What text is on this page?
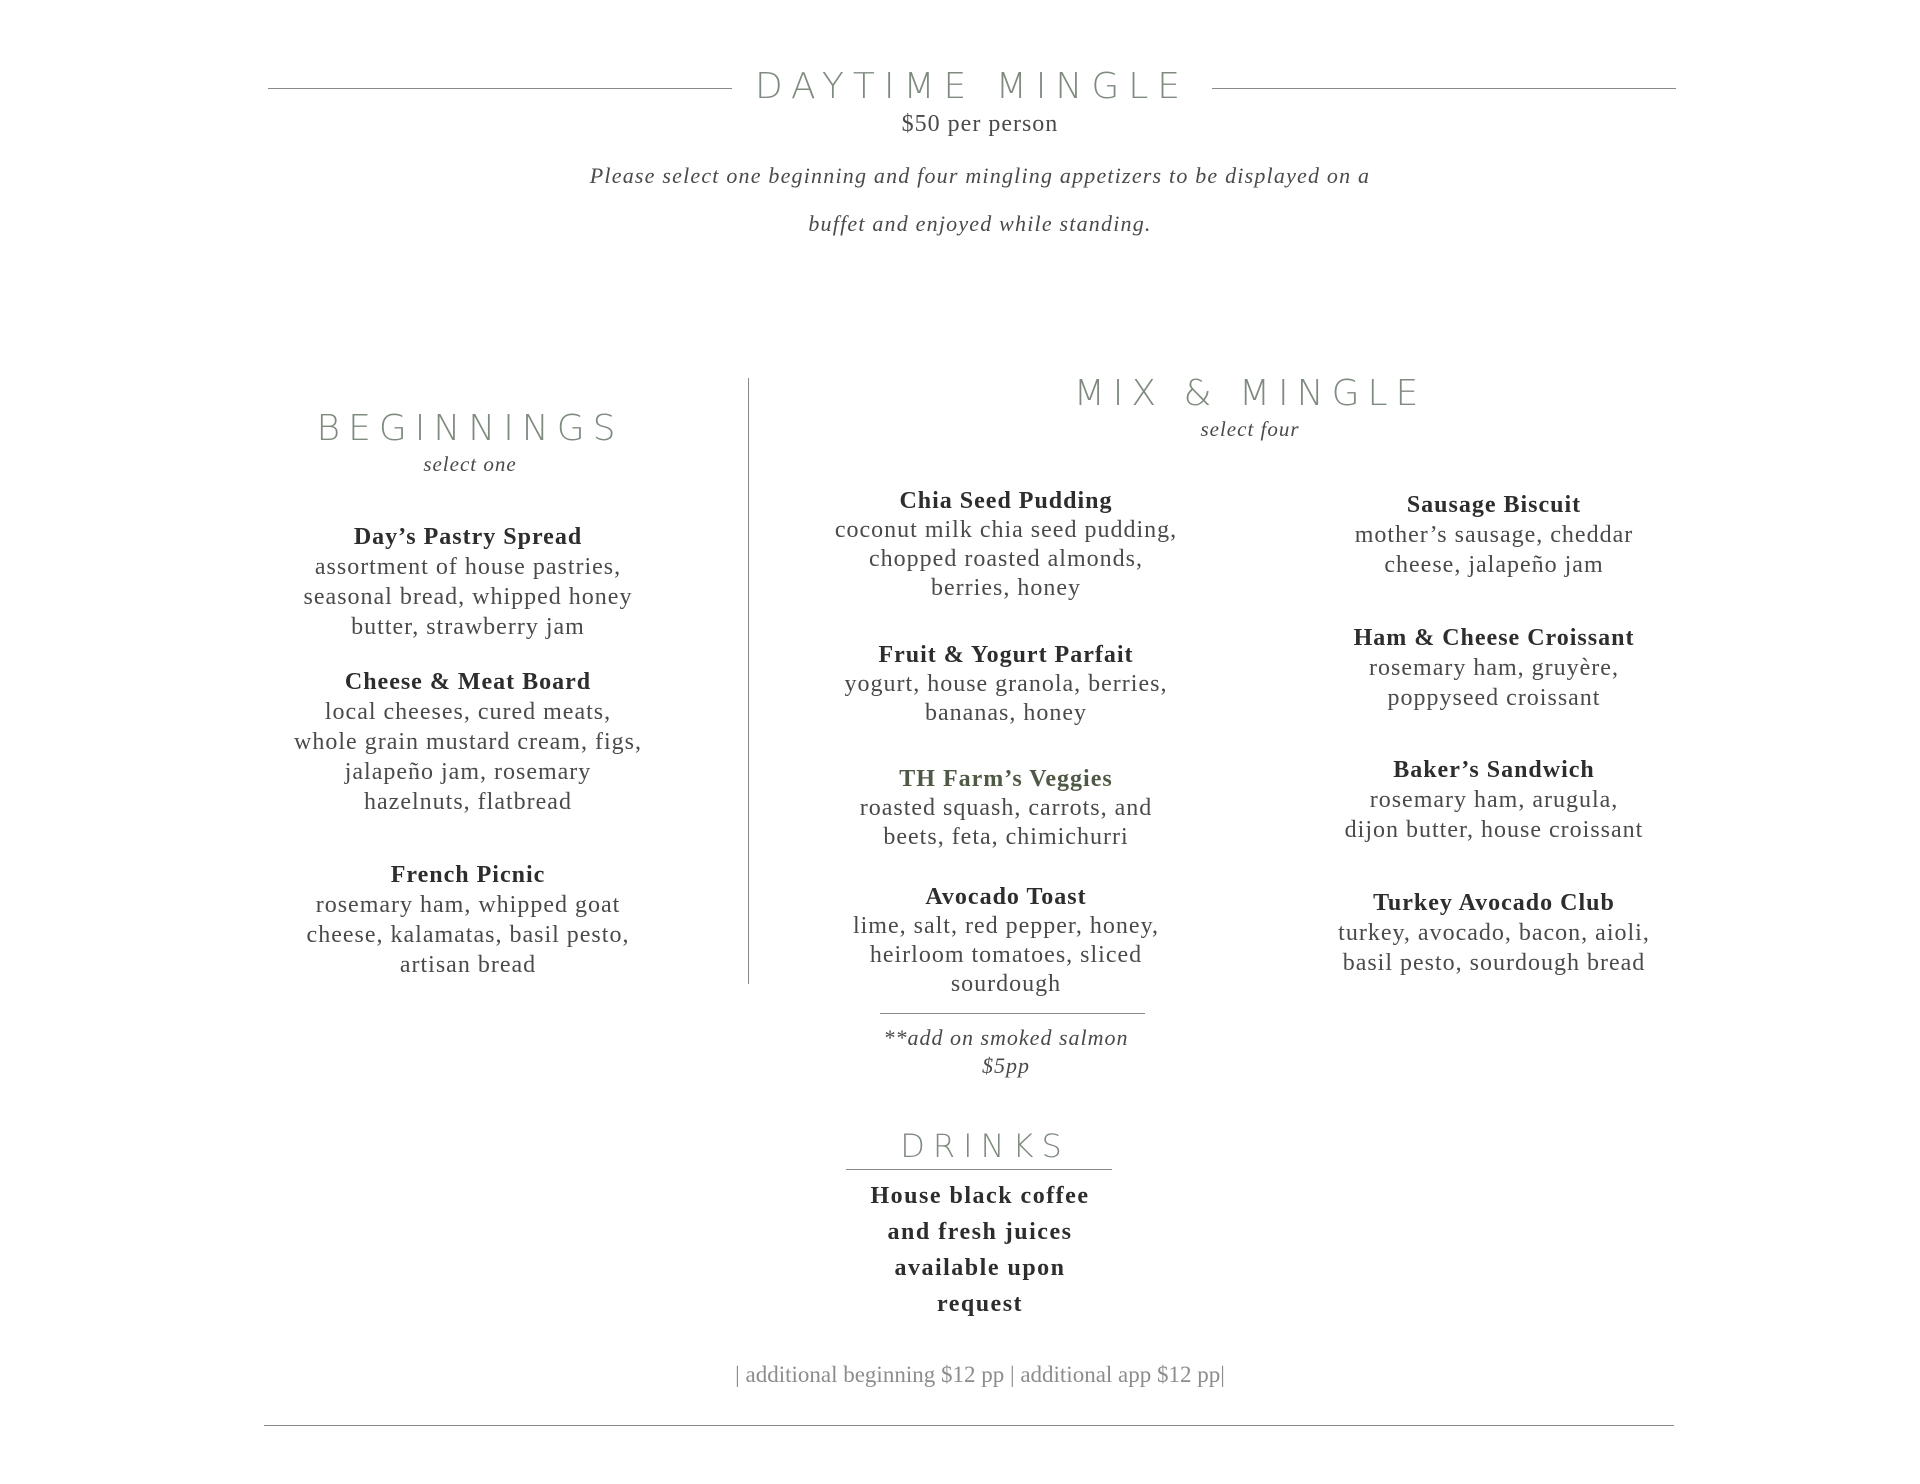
DAYTIME MINGLE
$50 per person
Please select one beginning and four mingling appetizers to be displayed on a
buffet and enjoyed while standing.
BEGINNINGS
select one
Day’s Pastry Spread
assortment of house pastries,
seasonal bread, whipped honey
butter, strawberry jam
Cheese & Meat Board
local cheeses, cured meats,
whole grain mustard cream, figs,
jalapeño jam, rosemary
hazelnuts, flatbread
French Picnic
rosemary ham, whipped goat
cheese, kalamatas, basil pesto,
artisan bread
MIX & MINGLE
select four
Chia Seed Pudding
coconut milk chia seed pudding,
chopped roasted almonds,
berries, honey
Fruit & Yogurt Parfait
yogurt, house granola, berries,
bananas, honey
TH Farm’s Veggies
roasted squash, carrots, and
beets, feta, chimichurri
Avocado Toast
lime, salt, red pepper, honey,
heirloom tomatoes, sliced
sourdough
**add on smoked salmon
$5pp
Sausage Biscuit
mother’s sausage, cheddar
cheese, jalapeño jam
Ham & Cheese Croissant
rosemary ham, gruyère,
poppyseed croissant
Baker’s Sandwich
rosemary ham, arugula,
dijon butter, house croissant
Turkey Avocado Club
turkey, avocado, bacon, aioli,
basil pesto, sourdough bread
DRINKS
House black coffee
and fresh juices
available upon
request
| additional beginning $12 pp | additional app $12 pp|
